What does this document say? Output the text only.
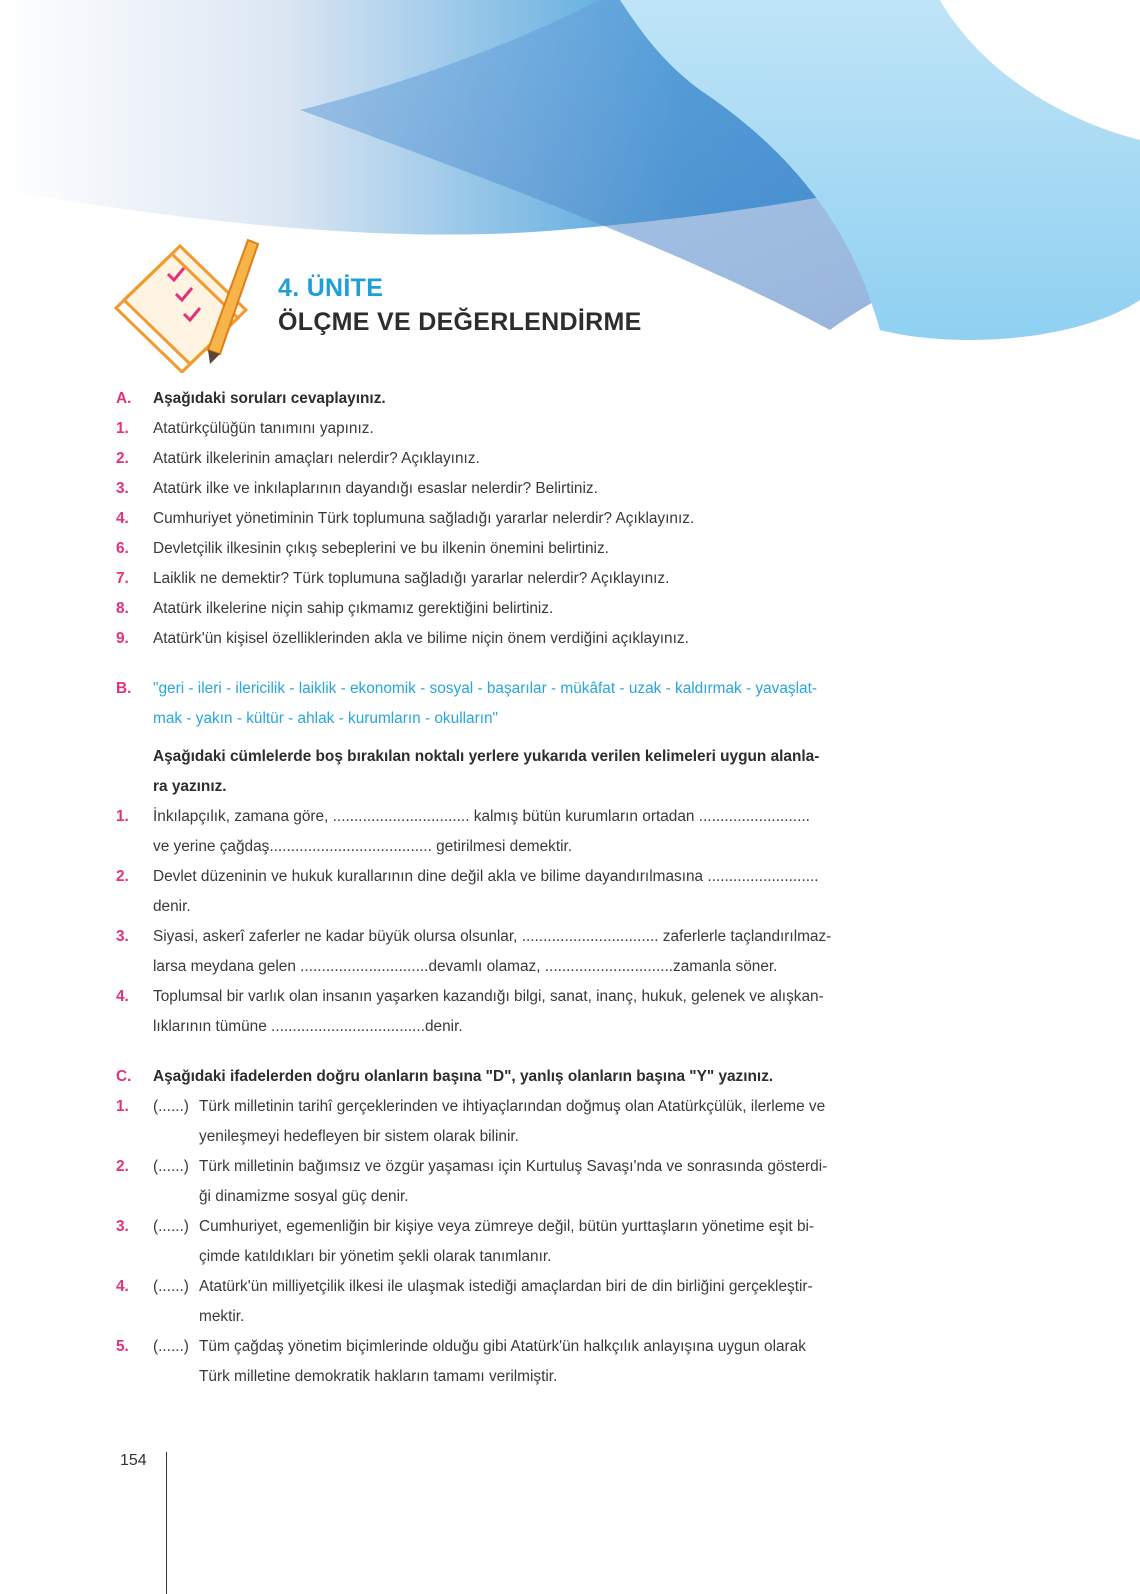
4. ÜNİTE
ÖLÇME VE DEĞERLENDİRME
A.	Aşağıdaki soruları cevaplayınız.
1.	Atatürkçülüğün tanımını yapınız.
2.	Atatürk ilkelerinin amaçları nelerdir? Açıklayınız.
3.	Atatürk ilke ve inkılaplarının dayandığı esaslar nelerdir? Belirtiniz.
4.	Cumhuriyet yönetiminin Türk toplumuna sağladığı yararlar nelerdir? Açıklayınız.
6.	Devletçilik ilkesinin çıkış sebeplerini ve bu ilkenin önemini belirtiniz.
7.	Laiklik ne demektir? Türk toplumuna sağladığı yararlar nelerdir? Açıklayınız.
8.	Atatürk ilkelerine niçin sahip çıkmamız gerektiğini belirtiniz.
9.	Atatürk'ün kişisel özelliklerinden akla ve bilime niçin önem verdiğini açıklayınız.
B.	"geri - ileri - ilericilik - laiklik - ekonomik - sosyal - başarılar - mükâfat - uzak - kaldırmak - yavaşlat-
mak - yakın - kültür - ahlak - kurumların - okulların"
Aşağıdaki cümlelerde boş bırakılan noktalı yerlere yukarıda verilen kelimeleri uygun alanla-
ra yazınız.
1.	İnkılapçılık, zamana göre, ................................ kalmış bütün kurumların ortadan ..........................
ve yerine çağdaş...................................... getirilmesi demektir.
2.	Devlet düzeninin ve hukuk kurallarının dine değil akla ve bilime dayandırılmasına ..........................
denir.
3.	Siyasi, askerî zaferler ne kadar büyük olursa olsunlar, ................................ zaferlerle taçlandırılmaz-
larsa meydana gelen ..............................devamlı olamaz, ..............................zamanla söner.
4.	Toplumsal bir varlık olan insanın yaşarken kazandığı bilgi, sanat, inanç, hukuk, gelenek ve alışkan-
lıklarının tümüne ....................................denir.
C.	Aşağıdaki ifadelerden doğru olanların başına "D", yanlış olanların başına "Y" yazınız.
1.	(......) Türk milletinin tarihî gerçeklerinden ve ihtiyaçlarından doğmuş olan Atatürkçülük, ilerleme ve
yenileşmeyi hedefleyen bir sistem olarak bilinir.
2.	(......) Türk milletinin bağımsız ve özgür yaşaması için Kurtuluş Savaşı'nda ve sonrasında gösterdi-
ği dinamizme sosyal güç denir.
3.	(......) Cumhuriyet, egemenliğin bir kişiye veya zümreye değil, bütün yurttaşların yönetime eşit bi-
çimde katıldıkları bir yönetim şekli olarak tanımlanır.
4.	(......) Atatürk'ün milliyetçilik ilkesi ile ulaşmak istediği amaçlardan biri de din birliğini gerçekleştir-
mektir.
5.	(......) Tüm çağdaş yönetim biçimlerinde olduğu gibi Atatürk'ün halkçılık anlayışına uygun olarak
Türk milletine demokratik hakların tamamı verilmiştir.
154
